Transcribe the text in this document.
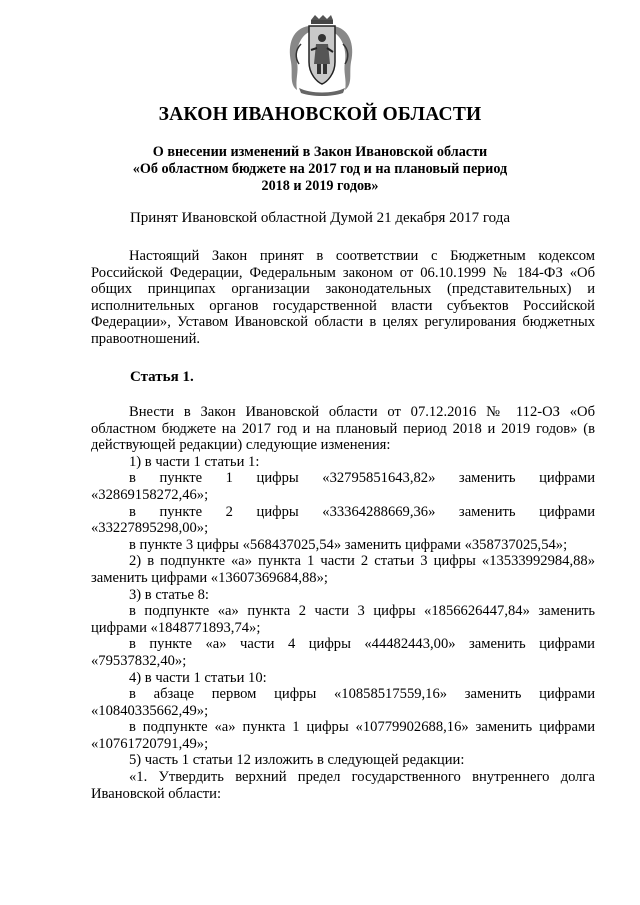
ЗАКОН ИВАНОВСКОЙ ОБЛАСТИ
О внесении изменений в Закон Ивановской области
«Об областном бюджете на 2017 год и на плановый период
2018 и 2019 годов»
Принят Ивановской областной Думой 21 декабря 2017 года

Настоящий Закон принят в соответствии с Бюджетным кодексом Российской Федерации, Федеральным законом от 06.10.1999 № 184-ФЗ «Об общих принципах организации законодательных (представительных) и исполнительных органов государственной власти субъектов Российской Федерации», Уставом Ивановской области в целях регулирования бюджетных правоотношений.

Статья 1.

Внести в Закон Ивановской области от 07.12.2016 № 112-ОЗ «Об областном бюджете на 2017 год и на плановый период 2018 и 2019 годов» (в действующей редакции) следующие изменения:

1) в части 1 статьи 1:

в пункте 1 цифры «32795851643,82» заменить цифрами «32869158272,46»;

в пункте 2 цифры «33364288669,36» заменить цифрами «33227895298,00»;

в пункте 3 цифры «568437025,54» заменить цифрами «358737025,54»;

2) в подпункте «а» пункта 1 части 2 статьи 3 цифры «13533992984,88» заменить цифрами «13607369684,88»;

3) в статье 8:

в подпункте «а» пункта 2 части 3 цифры «1856626447,84» заменить цифрами «1848771893,74»;

в пункте «а» части 4 цифры «44482443,00» заменить цифрами «79537832,40»;

4) в части 1 статьи 10:

в абзаце первом цифры «10858517559,16» заменить цифрами «10840335662,49»;

в подпункте «а» пункта 1 цифры «10779902688,16» заменить цифрами «10761720791,49»;

5) часть 1 статьи 12 изложить в следующей редакции:

«1. Утвердить верхний предел государственного внутреннего долга Ивановской области:
